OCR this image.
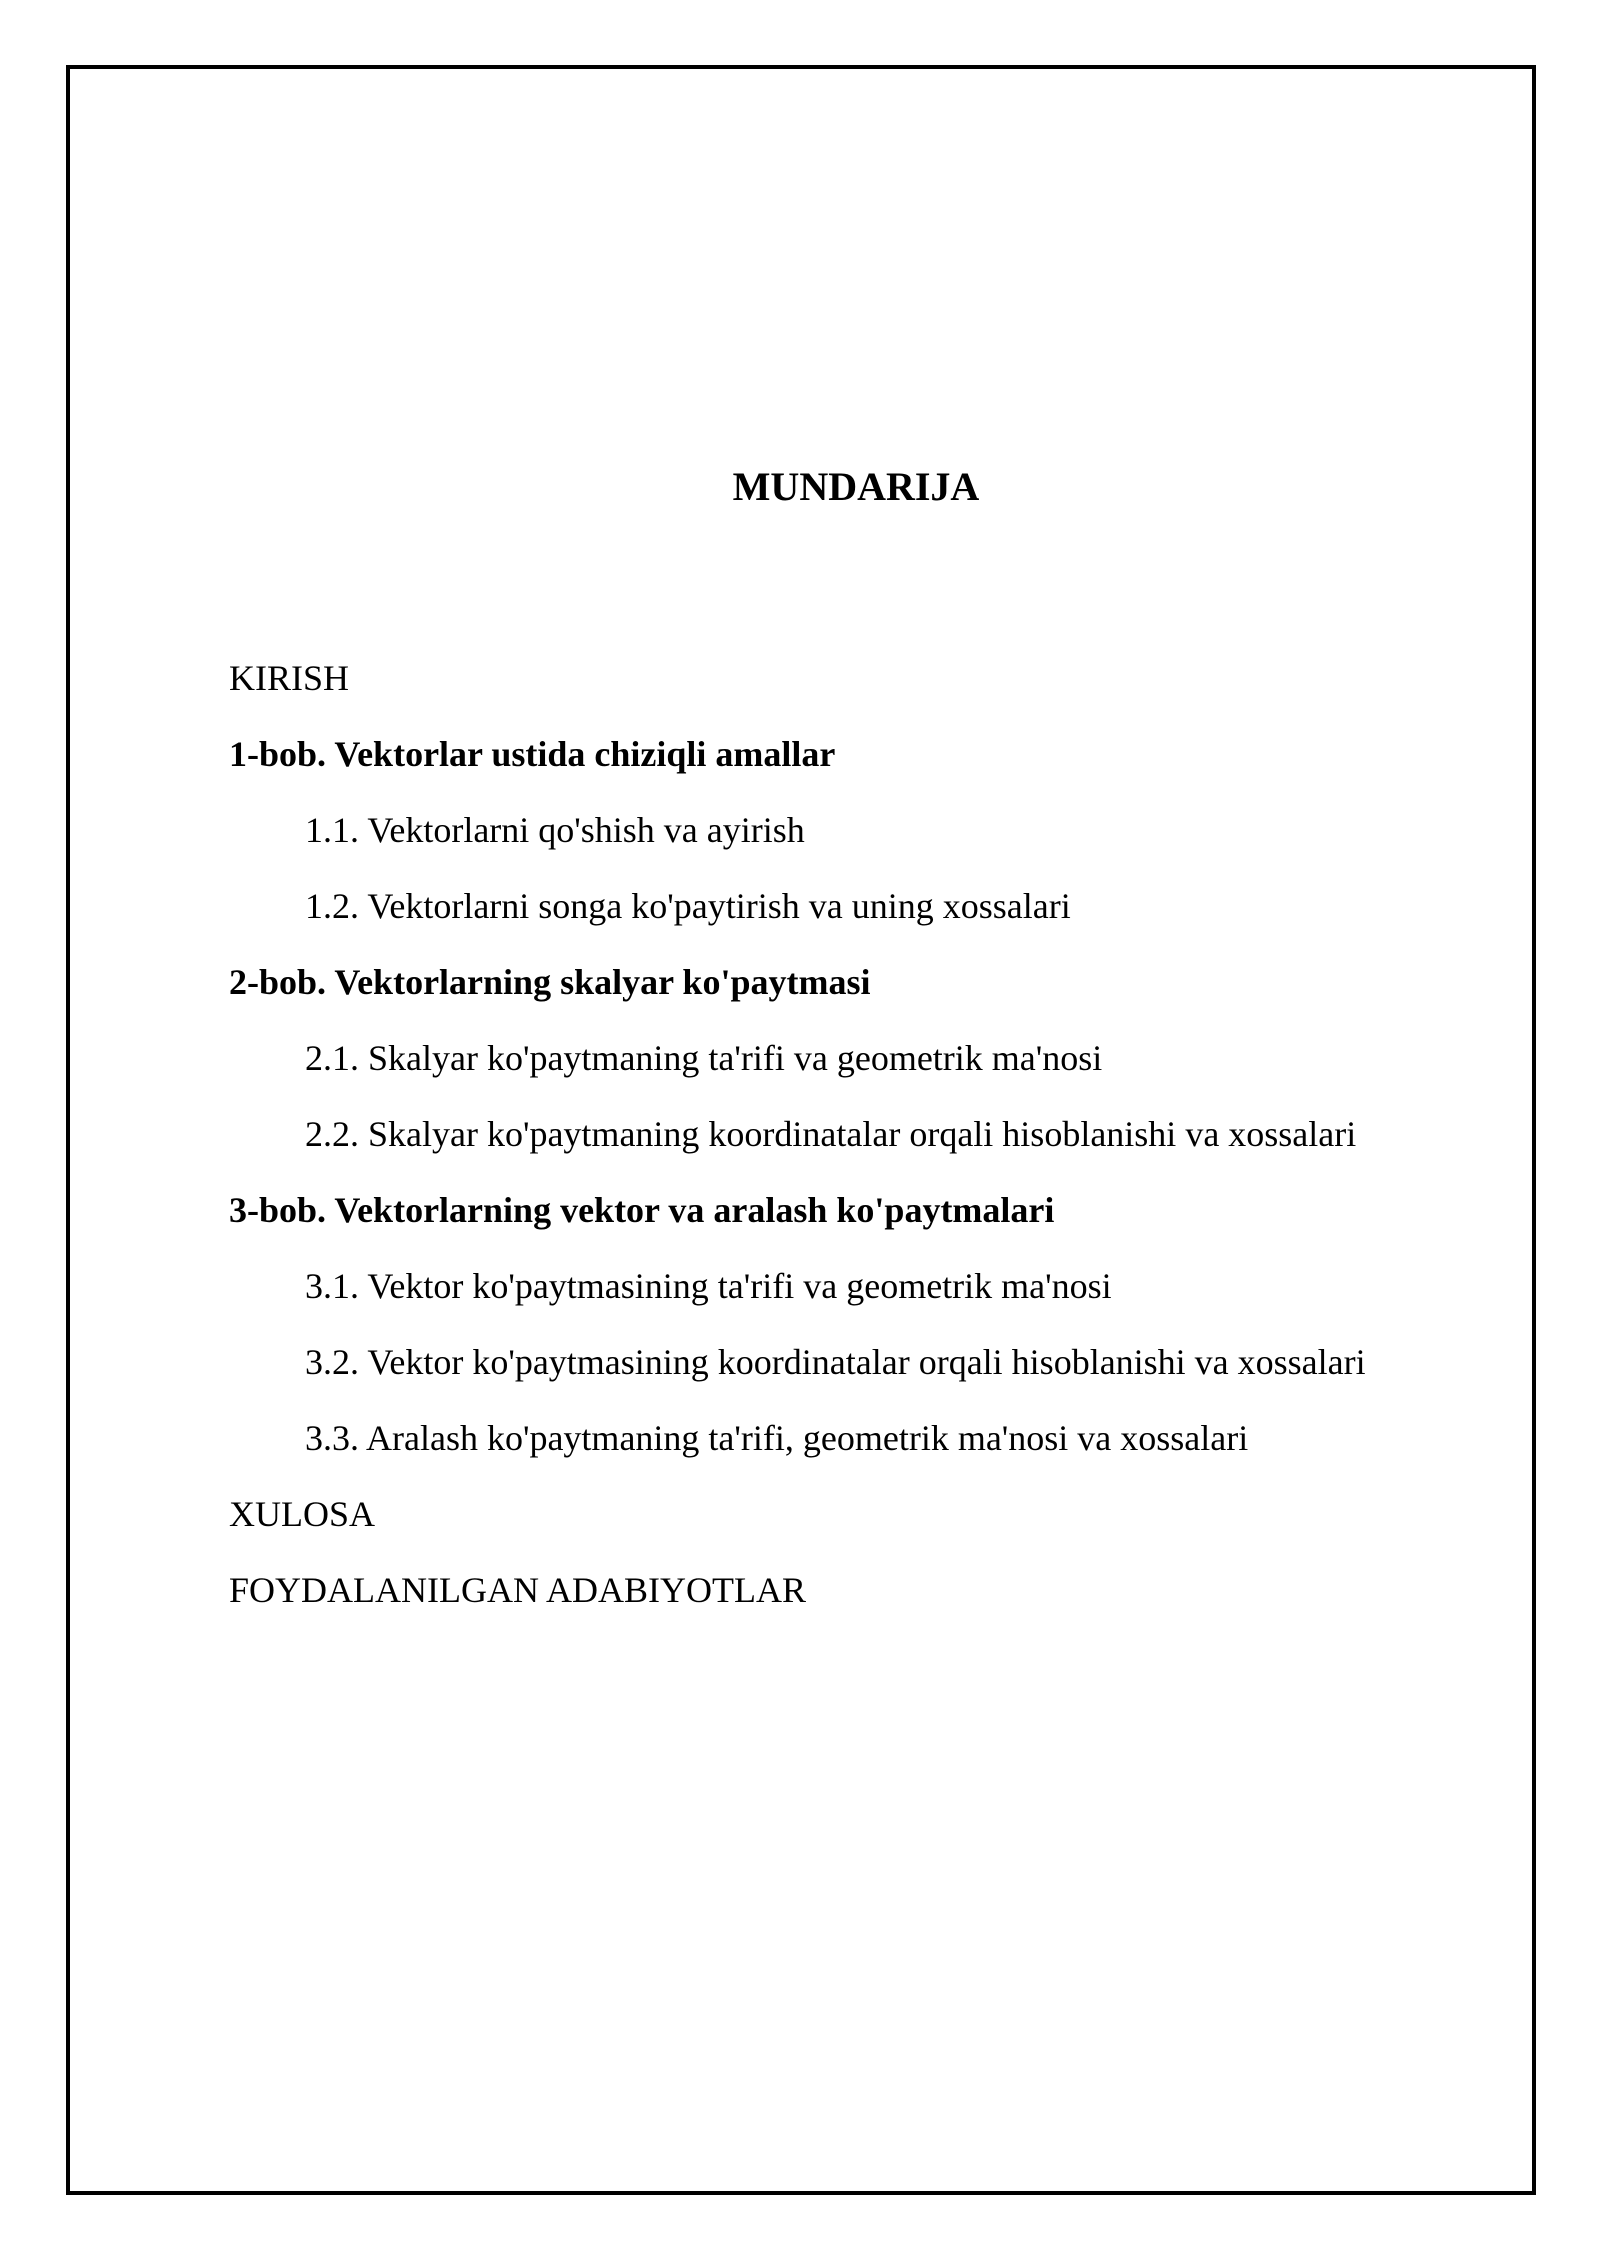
MUNDARIJA
KIRISH
1-bob. Vektorlar ustida chiziqli amallar
1.1. Vektorlarni qo'shish va ayirish
1.2. Vektorlarni songa ko'paytirish va uning xossalari
2-bob. Vektorlarning skalyar ko'paytmasi
2.1. Skalyar ko'paytmaning ta'rifi va geometrik ma'nosi
2.2. Skalyar ko'paytmaning koordinatalar orqali hisoblanishi va xossalari
3-bob. Vektorlarning vektor va aralash ko'paytmalari
3.1. Vektor ko'paytmasining ta'rifi va geometrik ma'nosi
3.2. Vektor ko'paytmasining koordinatalar orqali hisoblanishi va xossalari
3.3. Aralash ko'paytmaning ta'rifi, geometrik ma'nosi va xossalari
XULOSA
FOYDALANILGAN ADABIYOTLAR
